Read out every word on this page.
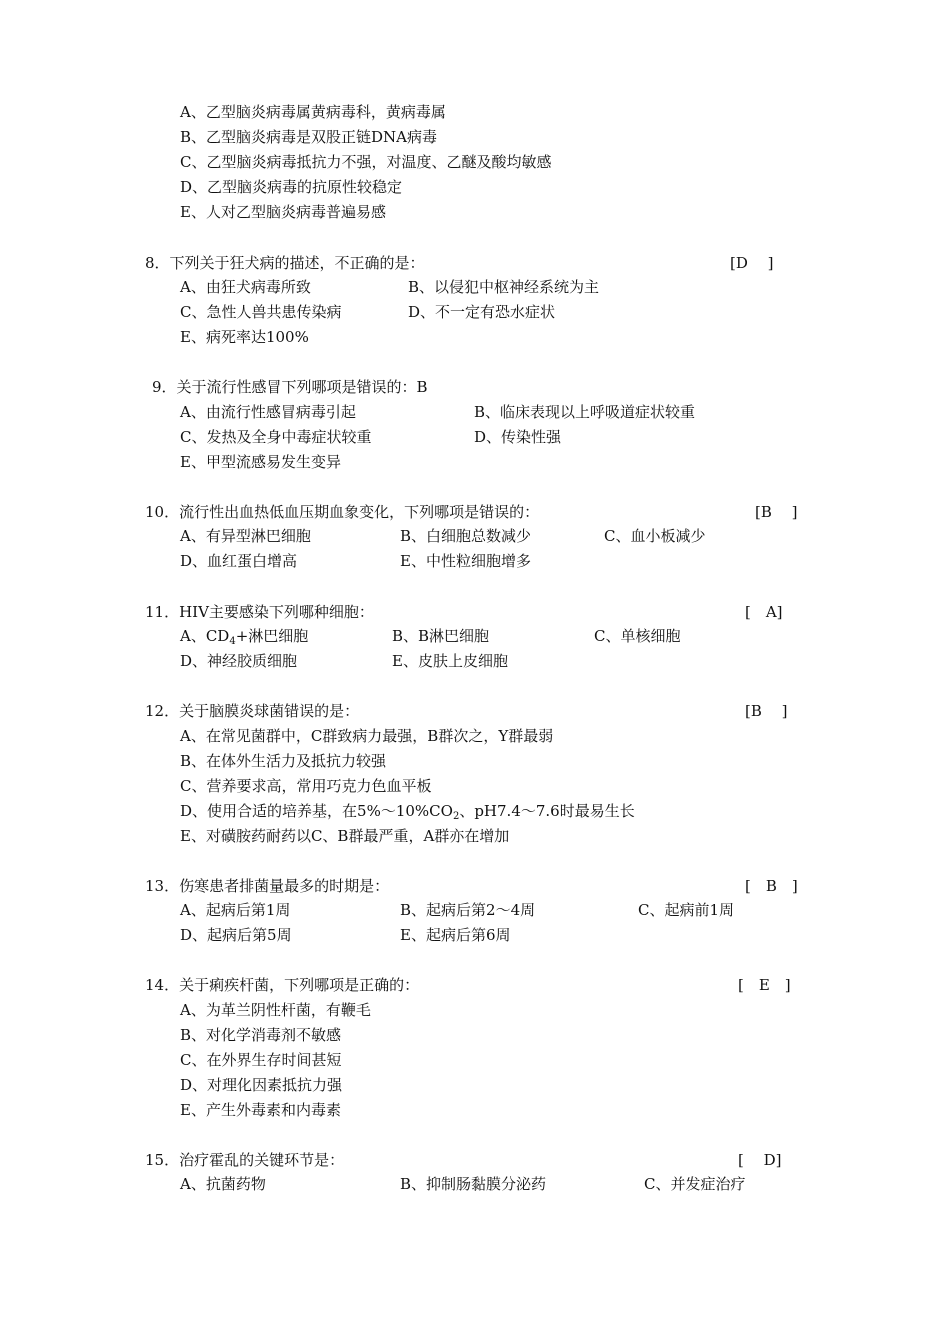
A、乙型脑炎病毒属黄病毒科，黄病毒属
B、乙型脑炎病毒是双股正链DNA病毒
C、乙型脑炎病毒抵抗力不强，对温度、乙醚及酸均敏感
D、乙型脑炎病毒的抗原性较稳定
E、人对乙型脑炎病毒普遍易感
8．下列关于狂犬病的描述，不正确的是：	[D　 ]
A、由狂犬病毒所致	B、以侵犯中枢神经系统为主
C、急性人兽共患传染病	D、不一定有恐水症状
E、病死率达100%
9．关于流行性感冒下列哪项是错误的：B
A、由流行性感冒病毒引起	B、临床表现以上呼吸道症状较重
C、发热及全身中毒症状较重	D、传染性强
E、甲型流感易发生变异
10．流行性出血热低血压期血象变化，下列哪项是错误的：	[B　 ]
A、有异型淋巴细胞	B、白细胞总数减少	C、血小板减少
D、血红蛋白增高	E、中性粒细胞增多
11．HIV主要感染下列哪种细胞：	[　A]
A、$CD_4+$淋巴细胞	B、B淋巴细胞	C、单核细胞
D、神经胶质细胞	E、皮肤上皮细胞
12．关于脑膜炎球菌错误的是：	[B　 ]
A、在常见菌群中，C群致病力最强，B群次之，Y群最弱
B、在体外生活力及抵抗力较强
C、营养要求高，常用巧克力色血平板
D、使用合适的培养基，在$5\%\sim 10\%CO_2$、pH7.4～7.6时最易生长
E、对磺胺药耐药以C、B群最严重，A群亦在增加
13．伤寒患者排菌量最多的时期是：	[　B　]
A、起病后第1周	B、起病后第2～4周	C、起病前1周
D、起病后第5周	E、起病后第6周
14．关于痢疾杆菌，下列哪项是正确的：	[　E　]
A、为革兰阴性杆菌，有鞭毛
B、对化学消毒剂不敏感
C、在外界生存时间甚短
D、对理化因素抵抗力强
E、产生外毒素和内毒素
15．治疗霍乱的关键环节是：	[　 D]
A、抗菌药物	B、抑制肠黏膜分泌药	C、并发症治疗
